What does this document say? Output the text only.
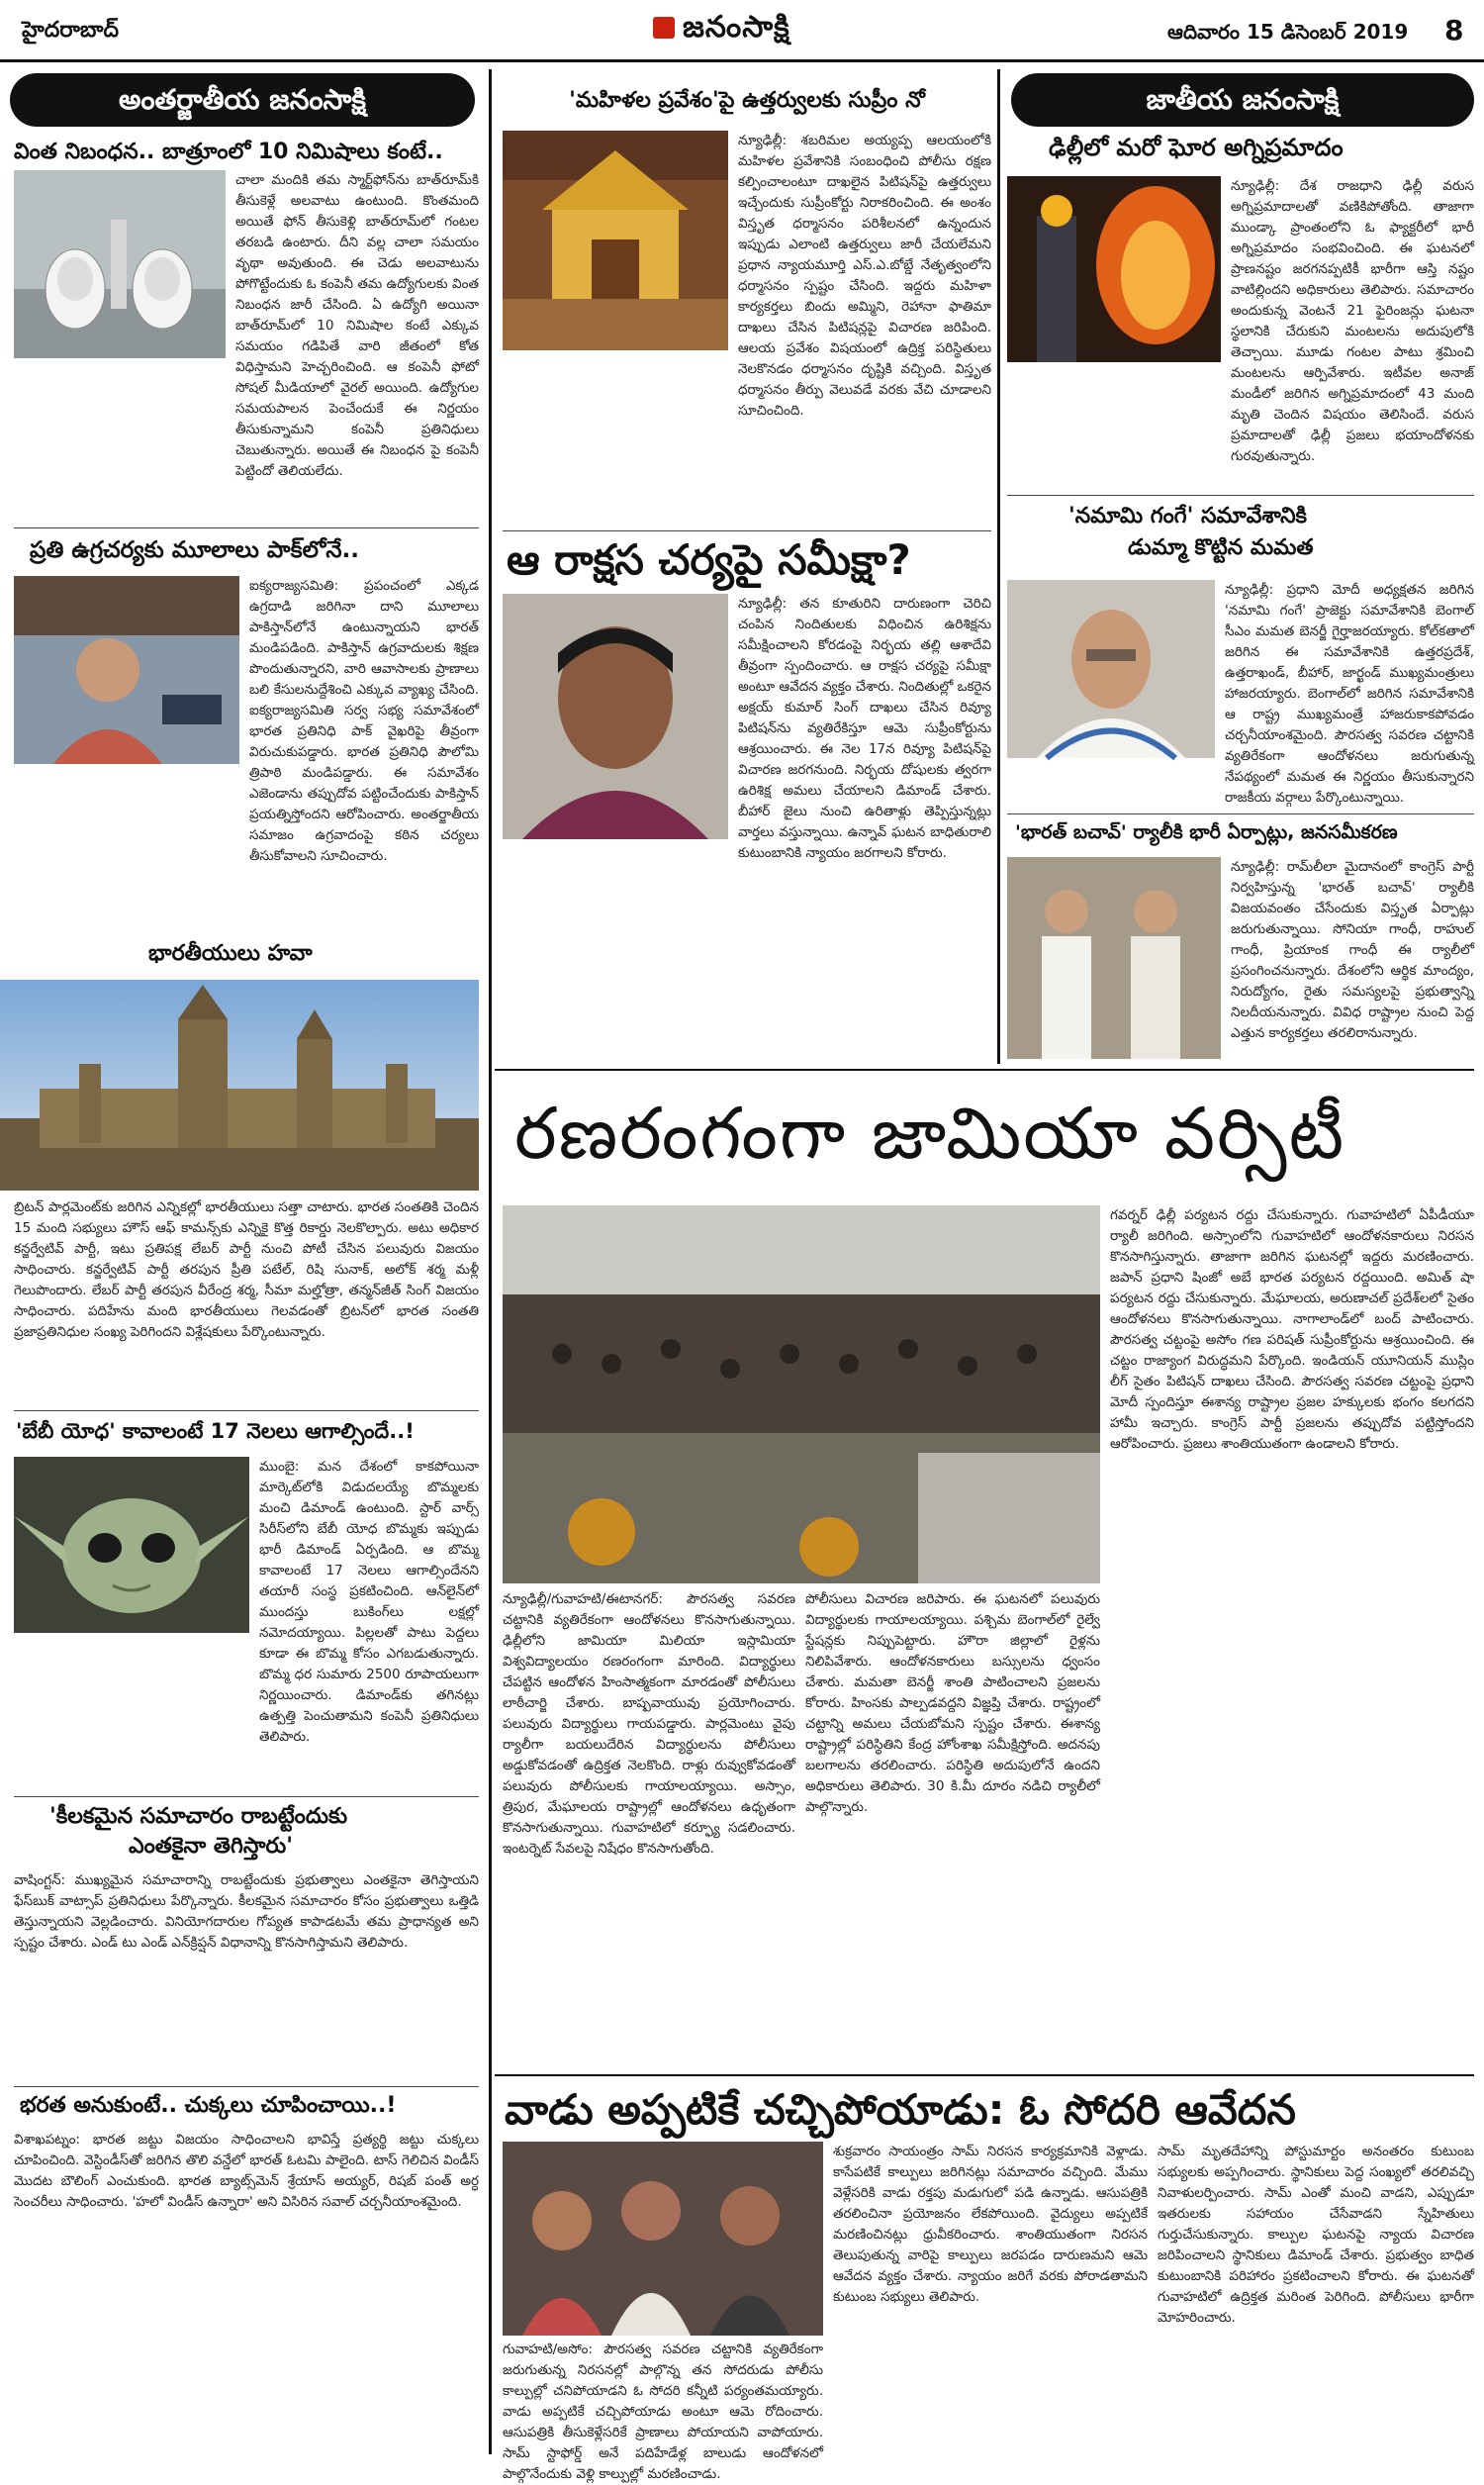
హైదరాబాద్	జనంసాక్షి	ఆదివారం 15 డిసెంబర్ 2019 8
అంతర్జాతీయ జనంసాక్షి
వింత నిబంధన.. బాత్రూంలో 10 నిమిషాలు కంటే..
చాలా మందికి తమ స్మార్ట్‌ఫోన్‌ను బాత్‌రూమ్‌కి తీసుకెళ్లే అలవాటు ఉంటుంది. కొంతమంది అయితే ఫోన్ తీసుకెళ్లి బాత్‌రూమ్‌లో గంటల తరబడి ఉంటారు. దీని వల్ల చాలా సమయం వృథా అవుతుంది. ఈ చెడు అలవాటును పోగొట్టేందుకు ఓ కంపెనీ తమ ఉద్యోగులకు వింత నిబంధన జారీ చేసింది. ఏ ఉద్యోగి అయినా బాత్‌రూమ్‌లో 10 నిమిషాల కంటే ఎక్కువ సమయం గడిపితే వారి జీతంలో కోత విధిస్తామని హెచ్చరించింది. ఆ కంపెనీ ఫోటో సోషల్ మీడియాలో వైరల్ అయింది. ఉద్యోగుల సమయపాలన పెంచేందుకే ఈ నిర్ణయం తీసుకున్నామని కంపెనీ ప్రతినిధులు చెబుతున్నారు. అయితే ఈ నిబంధన పై కంపెనీ పెట్టిందో తెలియలేదు.
ప్రతి ఉగ్రచర్యకు మూలాలు పాక్‌లోనే..
ఐక్యరాజ్యసమితి: ప్రపంచంలో ఎక్కడ ఉగ్రదాడి జరిగినా దాని మూలాలు పాకిస్తాన్‌లోనే ఉంటున్నాయని భారత్ మండిపడింది. పాకిస్తాన్ ఉగ్రవాదులకు శిక్షణ పొందుతున్నారని, వారి ఆవాసాలకు ప్రాణాలు బలి కేసులనుద్దేశించి ఎక్కువ వ్యాఖ్య చేసింది. ఐక్యరాజ్యసమితి సర్వ సభ్య సమావేశంలో భారత ప్రతినిధి పాక్ వైఖరిపై తీవ్రంగా విరుచుకుపడ్డారు. భారత ప్రతినిధి పౌలోమి త్రిపాఠి మండిపడ్డారు. ఈ సమావేశం ఎజెండాను తప్పుదోవ పట్టించేందుకు పాకిస్తాన్ ప్రయత్నిస్తోందని ఆరోపించారు. అంతర్జాతీయ సమాజం ఉగ్రవాదంపై కఠిన చర్యలు తీసుకోవాలని సూచించారు.
భారతీయులు హవా
బ్రిటన్ పార్లమెంట్‌కు జరిగిన ఎన్నికల్లో భారతీయులు సత్తా చాటారు. భారత సంతతికి చెందిన 15 మంది సభ్యులు హౌస్ ఆఫ్ కామన్స్‌కు ఎన్నికై కొత్త రికార్డు నెలకొల్పారు. అటు అధికార కన్జర్వేటివ్ పార్టీ, ఇటు ప్రతిపక్ష లేబర్ పార్టీ నుంచి పోటీ చేసిన పలువురు విజయం సాధించారు. కన్జర్వేటివ్ పార్టీ తరపున ప్రీతి పటేల్, రిషి సునాక్, అలోక్ శర్మ మళ్లీ గెలుపొందారు. లేబర్ పార్టీ తరపున వీరేంద్ర శర్మ, సీమా మల్హోత్రా, తన్మన్‌జీత్ సింగ్ విజయం సాధించారు. పదిహేను మంది భారతీయులు గెలవడంతో బ్రిటన్‌లో భారత సంతతి ప్రజాప్రతినిధుల సంఖ్య పెరిగిందని విశ్లేషకులు పేర్కొంటున్నారు.
'బేబీ యోధ' కావాలంటే 17 నెలలు ఆగాల్సిందే..!
ముంబై: మన దేశంలో కాకపోయినా మార్కెట్‌లోకి విడుదలయ్యే బొమ్మలకు మంచి డిమాండ్ ఉంటుంది. స్టార్ వార్స్ సిరీస్‌లోని బేబీ యోధ బొమ్మకు ఇప్పుడు భారీ డిమాండ్ ఏర్పడింది. ఆ బొమ్మ కావాలంటే 17 నెలలు ఆగాల్సిందేనని తయారీ సంస్థ ప్రకటించింది. ఆన్‌లైన్‌లో ముందస్తు బుకింగ్‌లు లక్షల్లో నమోదయ్యాయి. పిల్లలతో పాటు పెద్దలు కూడా ఈ బొమ్మ కోసం ఎగబడుతున్నారు. బొమ్మ ధర సుమారు 2500 రూపాయలుగా నిర్ణయించారు. డిమాండ్‌కు తగినట్లు ఉత్పత్తి పెంచుతామని కంపెనీ ప్రతినిధులు తెలిపారు.
'కీలకమైన సమాచారం రాబట్టేందుకు
ఎంతకైనా తెగిస్తారు'
వాషింగ్టన్: ముఖ్యమైన సమాచారాన్ని రాబట్టేందుకు ప్రభుత్వాలు ఎంతకైనా తెగిస్తాయని ఫేస్‌బుక్ వాట్సాప్ ప్రతినిధులు పేర్కొన్నారు. కీలకమైన సమాచారం కోసం ప్రభుత్వాలు ఒత్తిడి తెస్తున్నాయని వెల్లడించారు. వినియోగదారుల గోప్యత కాపాడటమే తమ ప్రాధాన్యత అని స్పష్టం చేశారు. ఎండ్ టు ఎండ్ ఎన్‌క్రిప్షన్ విధానాన్ని కొనసాగిస్తామని తెలిపారు.
భరత అనుకుంటే.. చుక్కలు చూపించాయి..!
విశాఖపట్నం: భారత జట్టు విజయం సాధించాలని భావిస్తే ప్రత్యర్థి జట్టు చుక్కలు చూపించింది. వెస్టిండీస్‌తో జరిగిన తొలి వన్డేలో భారత్ ఓటమి పాలైంది. టాస్ గెలిచిన విండీస్ మొదట బౌలింగ్ ఎంచుకుంది. భారత బ్యాట్స్‌మెన్ శ్రేయాస్ అయ్యర్, రిషబ్ పంత్ అర్ధ సెంచరీలు సాధించారు. 'హలో విండీస్ ఉన్నారా' అని విసిరిన సవాల్ చర్చనీయాంశమైంది.
'మహిళల ప్రవేశం'పై ఉత్తర్వులకు సుప్రీం నో
న్యూఢిల్లీ: శబరిమల అయ్యప్ప ఆలయంలోకి మహిళల ప్రవేశానికి సంబంధించి పోలీసు రక్షణ కల్పించాలంటూ దాఖలైన పిటిషన్‌పై ఉత్తర్వులు ఇచ్చేందుకు సుప్రీంకోర్టు నిరాకరించింది. ఈ అంశం విస్తృత ధర్మాసనం పరిశీలనలో ఉన్నందున ఇప్పుడు ఎలాంటి ఉత్తర్వులు జారీ చేయలేమని ప్రధాన న్యాయమూర్తి ఎస్.ఎ.బోబ్డే నేతృత్వంలోని ధర్మాసనం స్పష్టం చేసింది. ఇద్దరు మహిళా కార్యకర్తలు బిందు అమ్మిని, రెహానా ఫాతిమా దాఖలు చేసిన పిటిషన్లపై విచారణ జరిపింది. ఆలయ ప్రవేశం విషయంలో ఉద్రిక్త పరిస్థితులు నెలకొనడం ధర్మాసనం దృష్టికి వచ్చింది. విస్తృత ధర్మాసనం తీర్పు వెలువడే వరకు వేచి చూడాలని సూచించింది.
ఆ రాక్షస చర్యపై సమీక్షా?
న్యూఢిల్లీ: తన కూతురిని దారుణంగా చెరిచి చంపిన నిందితులకు విధించిన ఉరిశిక్షను సమీక్షించాలని కోరడంపై నిర్భయ తల్లి ఆశాదేవి తీవ్రంగా స్పందించారు. ఆ రాక్షస చర్యపై సమీక్షా అంటూ ఆవేదన వ్యక్తం చేశారు. నిందితుల్లో ఒకరైన అక్షయ్ కుమార్ సింగ్ దాఖలు చేసిన రివ్యూ పిటిషన్‌ను వ్యతిరేకిస్తూ ఆమె సుప్రీంకోర్టును ఆశ్రయించారు. ఈ నెల 17న రివ్యూ పిటిషన్‌పై విచారణ జరగనుంది. నిర్భయ దోషులకు త్వరగా ఉరిశిక్ష అమలు చేయాలని డిమాండ్ చేశారు. బీహార్ జైలు నుంచి ఉరితాళ్లు తెప్పిస్తున్నట్లు వార్తలు వస్తున్నాయి. ఉన్నావ్ ఘటన బాధితురాలి కుటుంబానికి న్యాయం జరగాలని కోరారు.
జాతీయ జనంసాక్షి
ఢిల్లీలో మరో ఘోర అగ్నిప్రమాదం
న్యూఢిల్లీ: దేశ రాజధాని ఢిల్లీ వరుస అగ్నిప్రమాదాలతో వణికిపోతోంది. తాజాగా ముండ్కా ప్రాంతంలోని ఓ ఫ్యాక్టరీలో భారీ అగ్నిప్రమాదం సంభవించింది. ఈ ఘటనలో ప్రాణనష్టం జరగనప్పటికీ భారీగా ఆస్తి నష్టం వాటిల్లిందని అధికారులు తెలిపారు. సమాచారం అందుకున్న వెంటనే 21 ఫైరింజన్లు ఘటనా స్థలానికి చేరుకుని మంటలను అదుపులోకి తెచ్చాయి. మూడు గంటల పాటు శ్రమించి మంటలను ఆర్పివేశారు. ఇటీవల అనాజ్ మండీలో జరిగిన అగ్నిప్రమాదంలో 43 మంది మృతి చెందిన విషయం తెలిసిందే. వరుస ప్రమాదాలతో ఢిల్లీ ప్రజలు భయాందోళనకు గురవుతున్నారు.
'నమామి గంగే' సమావేశానికి
డుమ్మా కొట్టిన మమత
న్యూఢిల్లీ: ప్రధాని మోదీ అధ్యక్షతన జరిగిన 'నమామి గంగే' ప్రాజెక్టు సమావేశానికి బెంగాల్ సీఎం మమత బెనర్జీ గైర్హాజరయ్యారు. కోల్‌కతాలో జరిగిన ఈ సమావేశానికి ఉత్తరప్రదేశ్, ఉత్తరాఖండ్, బీహార్, జార్ఖండ్ ముఖ్యమంత్రులు హాజరయ్యారు. బెంగాల్‌లో జరిగిన సమావేశానికి ఆ రాష్ట్ర ముఖ్యమంత్రే హాజరుకాకపోవడం చర్చనీయాంశమైంది. పౌరసత్వ సవరణ చట్టానికి వ్యతిరేకంగా ఆందోళనలు జరుగుతున్న నేపథ్యంలో మమత ఈ నిర్ణయం తీసుకున్నారని రాజకీయ వర్గాలు పేర్కొంటున్నాయి.
'భారత్ బచావ్' ర్యాలీకి భారీ ఏర్పాట్లు, జనసమీకరణ
న్యూఢిల్లీ: రామ్‌లీలా మైదానంలో కాంగ్రెస్ పార్టీ నిర్వహిస్తున్న 'భారత్ బచావ్' ర్యాలీకి విజయవంతం చేసేందుకు విస్తృత ఏర్పాట్లు జరుగుతున్నాయి. సోనియా గాంధీ, రాహుల్ గాంధీ, ప్రియాంక గాంధీ ఈ ర్యాలీలో ప్రసంగించనున్నారు. దేశంలోని ఆర్థిక మాంద్యం, నిరుద్యోగం, రైతు సమస్యలపై ప్రభుత్వాన్ని నిలదీయనున్నారు. వివిధ రాష్ట్రాల నుంచి పెద్ద ఎత్తున కార్యకర్తలు తరలిరానున్నారు.
రణరంగంగా జామియా వర్సిటీ
గవర్నర్ ఢిల్లీ పర్యటన రద్దు చేసుకున్నారు. గువాహటిలో ఏపీడీయూ ర్యాలీ జరిగింది. అస్సాంలోని గువాహటిలో ఆందోళనకారులు నిరసన కొనసాగిస్తున్నారు. తాజాగా జరిగిన ఘటనల్లో ఇద్దరు మరణించారు. జపాన్ ప్రధాని షింజో అబే భారత పర్యటన రద్దయింది. అమిత్ షా పర్యటన రద్దు చేసుకున్నారు. మేఘాలయ, అరుణాచల్ ప్రదేశ్‌లలో సైతం ఆందోళనలు కొనసాగుతున్నాయి. నాగాలాండ్‌లో బంద్ పాటించారు. పౌరసత్వ చట్టంపై అసోం గణ పరిషత్ సుప్రీంకోర్టును ఆశ్రయించింది. ఈ చట్టం రాజ్యాంగ విరుద్ధమని పేర్కొంది. ఇండియన్ యూనియన్ ముస్లిం లీగ్ సైతం పిటిషన్ దాఖలు చేసింది. పౌరసత్వ సవరణ చట్టంపై ప్రధాని మోదీ స్పందిస్తూ ఈశాన్య రాష్ట్రాల ప్రజల హక్కులకు భంగం కలగదని హామీ ఇచ్చారు. కాంగ్రెస్ పార్టీ ప్రజలను తప్పుదోవ పట్టిస్తోందని ఆరోపించారు. ప్రజలు శాంతియుతంగా ఉండాలని కోరారు.
న్యూఢిల్లీ/గువాహటి/ఈటానగర్: పౌరసత్వ సవరణ చట్టానికి వ్యతిరేకంగా ఆందోళనలు కొనసాగుతున్నాయి. ఢిల్లీలోని జామియా మిలియా ఇస్లామియా విశ్వవిద్యాలయం రణరంగంగా మారింది. విద్యార్థులు చేపట్టిన ఆందోళన హింసాత్మకంగా మారడంతో పోలీసులు లాఠీచార్జి చేశారు. బాష్పవాయువు ప్రయోగించారు. పలువురు విద్యార్థులు గాయపడ్డారు. పార్లమెంటు వైపు ర్యాలీగా బయలుదేరిన విద్యార్థులను పోలీసులు అడ్డుకోవడంతో ఉద్రిక్తత నెలకొంది. రాళ్లు రువ్వుకోవడంతో పలువురు పోలీసులకు గాయాలయ్యాయి. అస్సాం, త్రిపుర, మేఘాలయ రాష్ట్రాల్లో ఆందోళనలు ఉధృతంగా కొనసాగుతున్నాయి. గువాహటిలో కర్ఫ్యూ సడలించారు. ఇంటర్నెట్ సేవలపై నిషేధం కొనసాగుతోంది.
పోలీసులు విచారణ జరిపారు. ఈ ఘటనలో పలువురు విద్యార్థులకు గాయాలయ్యాయి. పశ్చిమ బెంగాల్‌లో రైల్వే స్టేషన్లకు నిప్పుపెట్టారు. హౌరా జిల్లాలో రైళ్లను నిలిపివేశారు. ఆందోళనకారులు బస్సులను ధ్వంసం చేశారు. మమతా బెనర్జీ శాంతి పాటించాలని ప్రజలను కోరారు. హింసకు పాల్పడవద్దని విజ్ఞప్తి చేశారు. రాష్ట్రంలో చట్టాన్ని అమలు చేయబోమని స్పష్టం చేశారు. ఈశాన్య రాష్ట్రాల్లో పరిస్థితిని కేంద్ర హోంశాఖ సమీక్షిస్తోంది. అదనపు బలగాలను తరలించారు. పరిస్థితి అదుపులోనే ఉందని అధికారులు తెలిపారు. 30 కి.మీ దూరం నడిచి ర్యాలీలో పాల్గొన్నారు.
వాడు అప్పటికే చచ్చిపోయాడు: ఓ సోదరి ఆవేదన
గువాహటి/అసోం: పౌరసత్వ సవరణ చట్టానికి వ్యతిరేకంగా జరుగుతున్న నిరసనల్లో పాల్గొన్న తన సోదరుడు పోలీసు కాల్పుల్లో చనిపోయాడని ఓ సోదరి కన్నీటి పర్యంతమయ్యారు. వాడు అప్పటికే చచ్చిపోయాడు అంటూ ఆమె రోదించారు. ఆసుపత్రికి తీసుకెళ్లేసరికే ప్రాణాలు పోయాయని వాపోయారు. సామ్ స్టాఫోర్డ్ అనే పదిహేడేళ్ల బాలుడు ఆందోళనలో పాల్గొనేందుకు వెళ్లి కాల్పుల్లో మరణించాడు.
శుక్రవారం సాయంత్రం సామ్ నిరసన కార్యక్రమానికి వెళ్లాడు. కాసేపటికే కాల్పులు జరిగినట్లు సమాచారం వచ్చింది. మేము వెళ్లేసరికి వాడు రక్తపు మడుగులో పడి ఉన్నాడు. ఆసుపత్రికి తరలించినా ప్రయోజనం లేకపోయింది. వైద్యులు అప్పటికే మరణించినట్లు ధ్రువీకరించారు. శాంతియుతంగా నిరసన తెలుపుతున్న వారిపై కాల్పులు జరపడం దారుణమని ఆమె ఆవేదన వ్యక్తం చేశారు. న్యాయం జరిగే వరకు పోరాడతామని కుటుంబ సభ్యులు తెలిపారు.
సామ్ మృతదేహాన్ని పోస్టుమార్టం అనంతరం కుటుంబ సభ్యులకు అప్పగించారు. స్థానికులు పెద్ద సంఖ్యలో తరలివచ్చి నివాళులర్పించారు. సామ్ ఎంతో మంచి వాడని, ఎప్పుడూ ఇతరులకు సహాయం చేసేవాడని స్నేహితులు గుర్తుచేసుకున్నారు. కాల్పుల ఘటనపై న్యాయ విచారణ జరిపించాలని స్థానికులు డిమాండ్ చేశారు. ప్రభుత్వం బాధిత కుటుంబానికి పరిహారం ప్రకటించాలని కోరారు. ఈ ఘటనతో గువాహటిలో ఉద్రిక్తత మరింత పెరిగింది. పోలీసులు భారీగా మోహరించారు.
